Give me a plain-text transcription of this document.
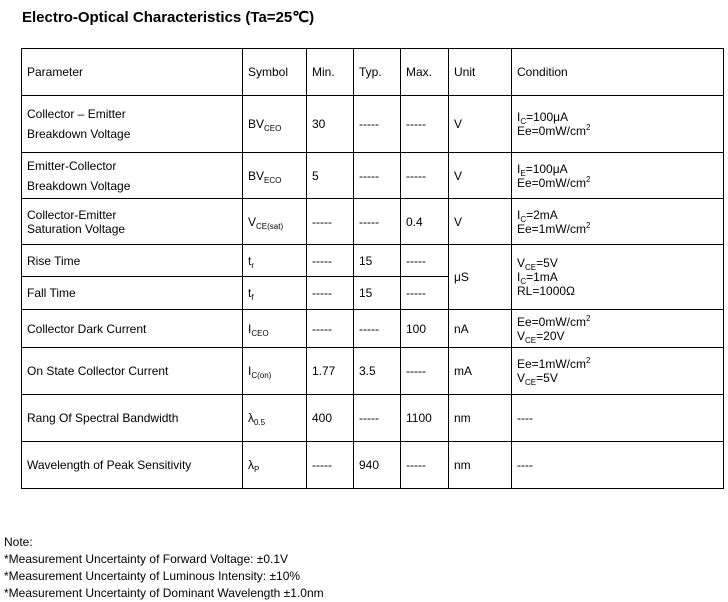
Electro-Optical Characteristics (Ta=25℃)
Parameter	Symbol	Min.	Typ.	Max.	Unit	Condition

Collector – Emitter
Breakdown Voltage	$BV_{CEO}$	30	-----	-----	V	$I_C=100\mu A$
$Ee=0mW/cm^2$

Emitter-Collector
Breakdown Voltage	$BV_{ECO}$	5	-----	-----	V	$I_E=100\mu A$
$Ee=0mW/cm^2$

Collector-Emitter
Saturation Voltage	$V_{CE(sat)}$	-----	-----	0.4	V	$I_C=2mA$
$Ee=1mW/cm^2$

Rise Time	$t_r$	-----	15	-----	μS	$V_{CE}=5V$
$I_C=1mA$
RL=1000Ω

Fall Time	$t_f$	-----	15	-----		
Collector Dark Current	$I_{CEO}$	-----	-----	100	nA	$Ee=0mW/cm^2$
$V_{CE}=20V$

On State Collector Current	$I_{C(on)}$	1.77	3.5	-----	mA	$Ee=1mW/cm^2$
$V_{CE}=5V$

Rang Of Spectral Bandwidth	$\lambda_{0.5}$	400	-----	1100	nm	----
Wavelength of Peak Sensitivity	$\lambda_P$	-----	940	-----	nm	----
Note:
*Measurement Uncertainty of Forward Voltage: ±0.1V
*Measurement Uncertainty of Luminous Intensity: ±10%
*Measurement Uncertainty of Dominant Wavelength ±1.0nm
